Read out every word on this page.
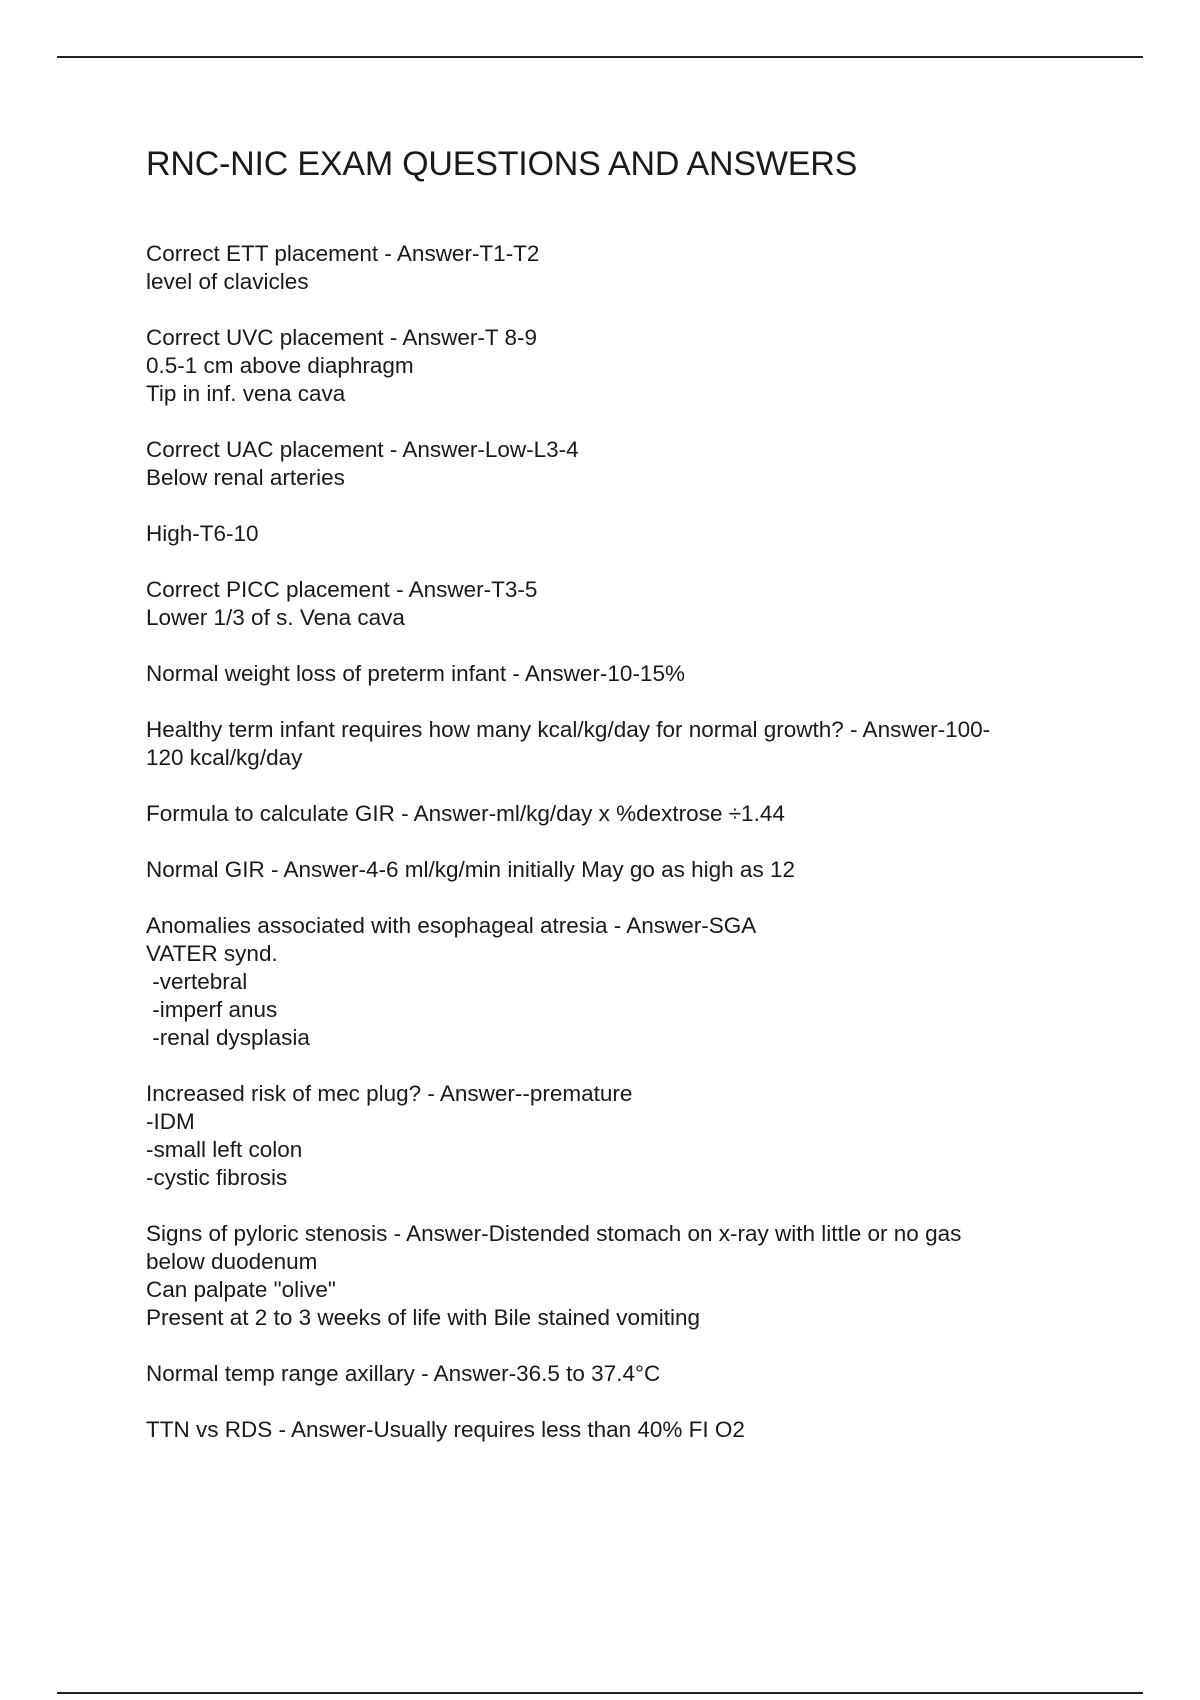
RNC-NIC EXAM QUESTIONS AND ANSWERS
Correct ETT placement - Answer-T1-T2
level of clavicles
Correct UVC placement - Answer-T 8-9
0.5-1 cm above diaphragm
Tip in inf. vena cava
Correct UAC placement - Answer-Low-L3-4
Below renal arteries
High-T6-10
Correct PICC placement - Answer-T3-5
Lower 1/3 of s. Vena cava
Normal weight loss of preterm infant - Answer-10-15%
Healthy term infant requires how many kcal/kg/day for normal growth? - Answer-100-
120 kcal/kg/day
Formula to calculate GIR - Answer-ml/kg/day x %dextrose ÷1.44
Normal GIR - Answer-4-6 ml/kg/min initially May go as high as 12
Anomalies associated with esophageal atresia - Answer-SGA
VATER synd.
-vertebral
-imperf anus
-renal dysplasia
Increased risk of mec plug? - Answer--premature
-IDM
-small left colon
-cystic fibrosis
Signs of pyloric stenosis - Answer-Distended stomach on x-ray with little or no gas
below duodenum
Can palpate "olive"
Present at 2 to 3 weeks of life with Bile stained vomiting
Normal temp range axillary - Answer-36.5 to 37.4°C
TTN vs RDS - Answer-Usually requires less than 40% FI O2
